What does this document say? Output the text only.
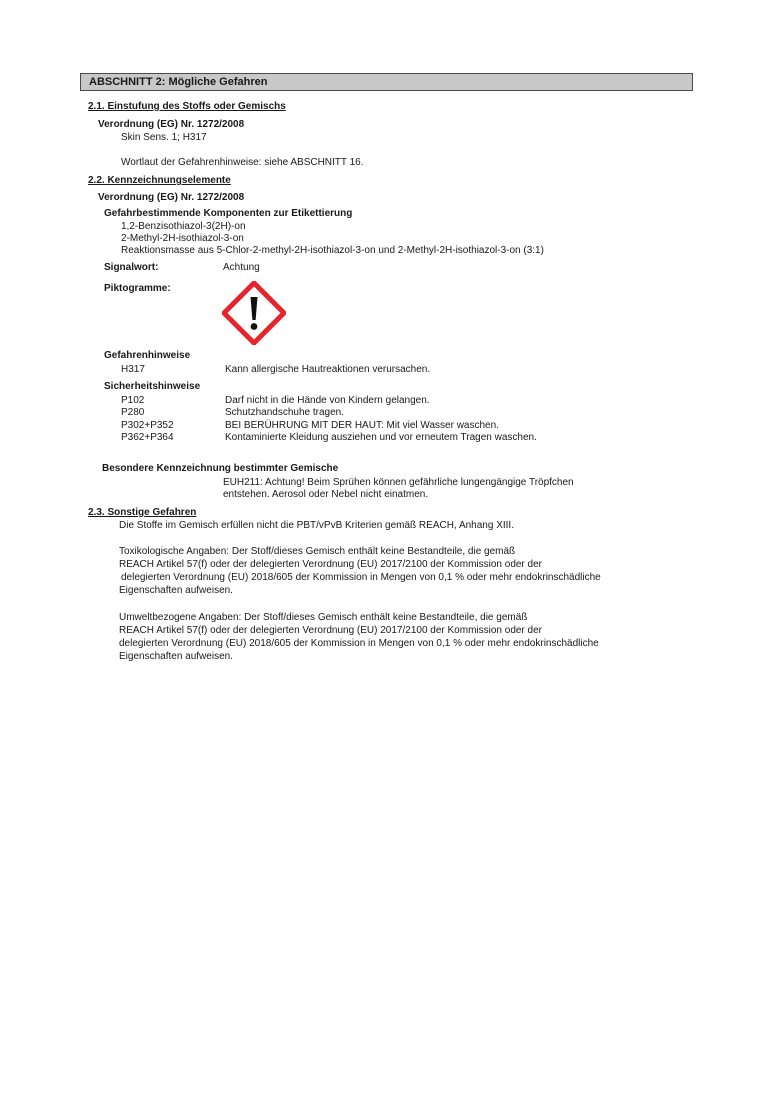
ABSCHNITT 2: Mögliche Gefahren
2.1. Einstufung des Stoffs oder Gemischs
Verordnung (EG) Nr. 1272/2008
Skin Sens. 1; H317
Wortlaut der Gefahrenhinweise: siehe ABSCHNITT 16.
2.2. Kennzeichnungselemente
Verordnung (EG) Nr. 1272/2008
Gefahrbestimmende Komponenten zur Etikettierung
1,2-Benzisothiazol-3(2H)-on
2-Methyl-2H-isothiazol-3-on
Reaktionsmasse aus 5-Chlor-2-methyl-2H-isothiazol-3-on und 2-Methyl-2H-isothiazol-3-on (3:1)
Signalwort:	Achtung
Piktogramme:
Gefahrenhinweise
H317	Kann allergische Hautreaktionen verursachen.
Sicherheitshinweise
P102	Darf nicht in die Hände von Kindern gelangen.
P280	Schutzhandschuhe tragen.
P302+P352	BEI BERÜHRUNG MIT DER HAUT: Mit viel Wasser waschen.
P362+P364	Kontaminierte Kleidung ausziehen und vor erneutem Tragen waschen.
Besondere Kennzeichnung bestimmter Gemische
EUH211: Achtung! Beim Sprühen können gefährliche lungengängige Tröpfchen
entstehen. Aerosol oder Nebel nicht einatmen.
2.3. Sonstige Gefahren
Die Stoffe im Gemisch erfüllen nicht die PBT/vPvB Kriterien gemäß REACH, Anhang XIII.
Toxikologische Angaben: Der Stoff/dieses Gemisch enthält keine Bestandteile, die gemäß
REACH Artikel 57(f) oder der delegierten Verordnung (EU) 2017/2100 der Kommission oder der
delegierten Verordnung (EU) 2018/605 der Kommission in Mengen von 0,1 % oder mehr endokrinschädliche
Eigenschaften aufweisen.
Umweltbezogene Angaben: Der Stoff/dieses Gemisch enthält keine Bestandteile, die gemäß
REACH Artikel 57(f) oder der delegierten Verordnung (EU) 2017/2100 der Kommission oder der
delegierten Verordnung (EU) 2018/605 der Kommission in Mengen von 0,1 % oder mehr endokrinschädliche
Eigenschaften aufweisen.
